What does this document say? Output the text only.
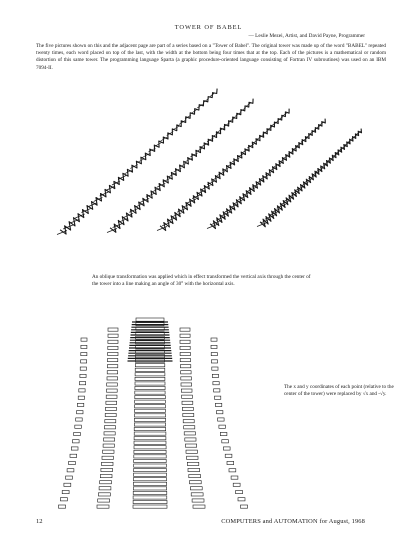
TOWER OF BABEL
— Leslie Mezei, Artist, and David Payne, Programmer
The five pictures shown on this and the adjacent page are part of a series based on a "Tower of Babel". The original tower was made up of the word "BABEL" repeated twenty times, each word placed on top of the last, with the width at the bottom being four times that at the top. Each of the pictures is a mathematical or random distortion of this same tower. The programming language Sparta (a graphic procedure-oriented language consisting of Fortran IV subroutines) was used on an IBM 7094-II.
An oblique transformation was applied which in effect transformed the vertical axis through the center of the tower into a line making an angle of 30° with the horizontal axis.
The x and y coordinates of each point (relative to the center of the tower) were replaced by √x and -√y.
12	COMPUTERS and AUTOMATION for August, 1968
